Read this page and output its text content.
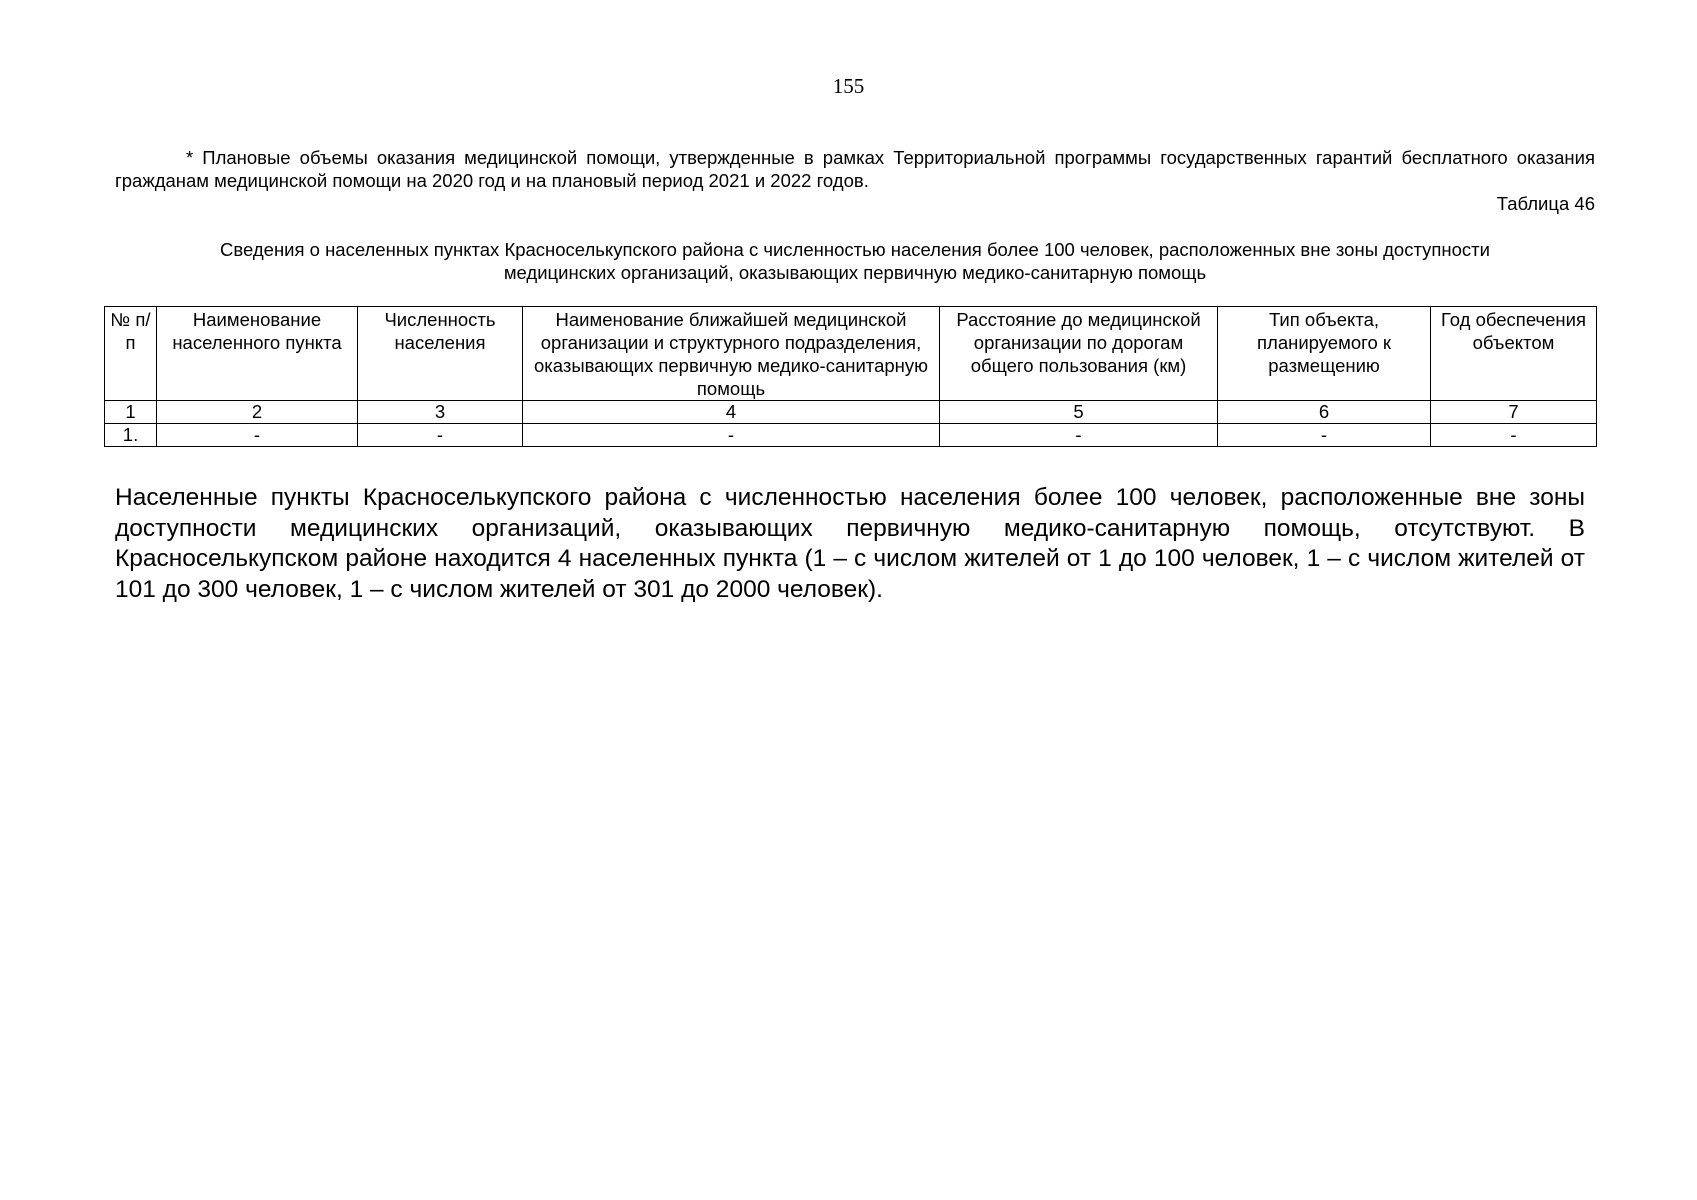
155
* Плановые объемы оказания медицинской помощи, утвержденные в рамках Территориальной программы государственных гарантий бесплатного оказания гражданам медицинской помощи на 2020 год и на плановый период 2021 и 2022 годов.
Таблица 46
Сведения о населенных пунктах Красноселькупского района с численностью населения более 100 человек, расположенных вне зоны доступности
медицинских организаций, оказывающих первичную медико-санитарную помощь
№ п/п	Наименование населенного пункта	Численность населения	Наименование ближайшей медицинской организации и структурного подразделения, оказывающих первичную медико-санитарную помощь	Расстояние до медицинской организации по дорогам общего пользования (км)	Тип объекта, планируемого к размещению	Год обеспечения объектом
1	2	3	4	5	6	7
1.	-	-	-	-	-	-
Населенные пункты Красноселькупского района с численностью населения более 100 человек, расположенные вне зоны доступности медицинских организаций, оказывающих первичную медико-санитарную помощь, отсутствуют. В Красноселькупском районе находится 4 населенных пункта (1 – с числом жителей от 1 до 100 человек, 1 – с числом жителей от 101 до 300 человек, 1 – с числом жителей от 301 до 2000 человек).
